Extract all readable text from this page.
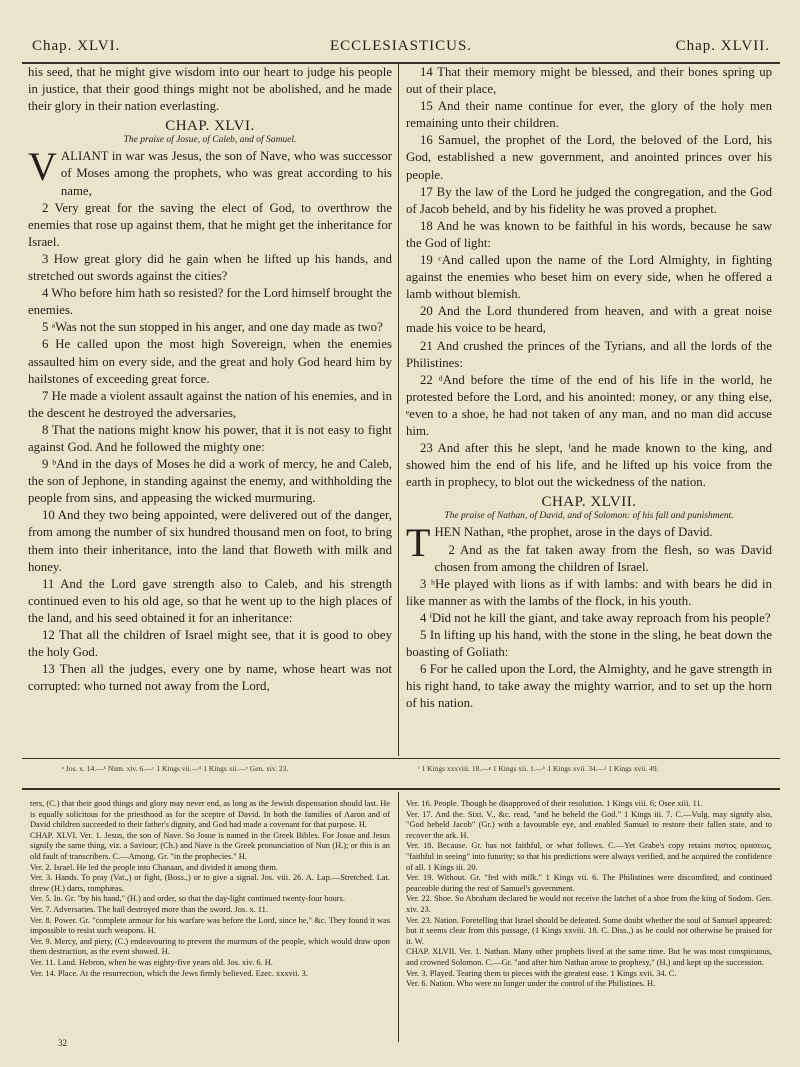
Chap. XLVI.	ECCLESIASTICUS.	Chap. XLVII.

his seed, that he might give wisdom into our heart to judge his people in justice, that their good things might not be abolished, and he made their glory in their nation everlasting.

CHAP. XLVI.
The praise of Josue, of Caleb, and of Samuel.

VALIANT in war was Jesus, the son of Nave, who was successor of Moses among the prophets, who was great according to his name,

2 Very great for the saving the elect of God, to overthrow the enemies that rose up against them, that he might get the inheritance for Israel.

3 How great glory did he gain when he lifted up his hands, and stretched out swords against the cities?

4 Who before him hath so resisted? for the Lord himself brought the enemies.

5 ᵃWas not the sun stopped in his anger, and one day made as two?

6 He called upon the most high Sovereign, when the enemies assaulted him on every side, and the great and holy God heard him by hailstones of exceeding great force.

7 He made a violent assault against the nation of his enemies, and in the descent he destroyed the adversaries,

8 That the nations might know his power, that it is not easy to fight against God. And he followed the mighty one:

9 ᵇAnd in the days of Moses he did a work of mercy, he and Caleb, the son of Jephone, in standing against the enemy, and withholding the people from sins, and appeasing the wicked murmuring.

10 And they two being appointed, were delivered out of the danger, from among the number of six hundred thousand men on foot, to bring them into their inheritance, into the land that floweth with milk and honey.

11 And the Lord gave strength also to Caleb, and his strength continued even to his old age, so that he went up to the high places of the land, and his seed obtained it for an inheritance:

12 That all the children of Israel might see, that it is good to obey the holy God.

13 Then all the judges, every one by name, whose heart was not corrupted: who turned not away from the Lord,

14 That their memory might be blessed, and their bones spring up out of their place,

15 And their name continue for ever, the glory of the holy men remaining unto their children.

16 Samuel, the prophet of the Lord, the beloved of the Lord, his God, established a new government, and anointed princes over his people.

17 By the law of the Lord he judged the congregation, and the God of Jacob beheld, and by his fidelity he was proved a prophet.

18 And he was known to be faithful in his words, because he saw the God of light:

19 ᶜAnd called upon the name of the Lord Almighty, in fighting against the enemies who beset him on every side, when he offered a lamb without blemish.

20 And the Lord thundered from heaven, and with a great noise made his voice to be heard,

21 And crushed the princes of the Tyrians, and all the lords of the Philistines:

22 ᵈAnd before the time of the end of his life in the world, he protested before the Lord, and his anointed: money, or any thing else, ᵉeven to a shoe, he had not taken of any man, and no man did accuse him.

23 And after this he slept, ᶠand he made known to the king, and showed him the end of his life, and he lifted up his voice from the earth in prophecy, to blot out the wickedness of the nation.

CHAP. XLVII.
The praise of Nathan, of David, and of Solomon: of his fall and punishment.

THEN Nathan, ᵍthe prophet, arose in the days of David.

2 And as the fat taken away from the flesh, so was David chosen from among the children of Israel.

3 ʰHe played with lions as if with lambs: and with bears he did in like manner as with the lambs of the flock, in his youth.

4 ⁱDid not he kill the giant, and take away reproach from his people?

5 In lifting up his hand, with the stone in the sling, he beat down the boasting of Goliath:

6 For he called upon the Lord, the Almighty, and he gave strength in his right hand, to take away the mighty warrior, and to set up the horn of his nation.

ᵃ Jos. x. 14.—ᵇ Num. xiv. 6.—ᶜ 1 Kings vii.—ᵈ 1 Kings xii.—ᵉ Gen. xiv. 23.	ᶠ 1 Kings xxxviii. 18.—ᵍ 1 Kings xii. 1.—ʰ 1 Kings xvii. 34.—ⁱ 1 Kings xvii. 49.

ters, (C.) that their good things and glory may never end, as long as the Jewish dispensation should last. He is equally solicitous for the priesthood as for the sceptre of David. In both the families of Aaron and of David children succeeded to their father's dignity, and God had made a covenant for that purpose. H.

CHAP. XLVI. Ver. 1. Jesus, the son of Nave. So Josue is named in the Greek Bibles. For Josue and Jesus signify the same thing, viz. a Saviour; (Ch.) and Nave is the Greek pronunciation of Nun (H.); or this is an old fault of transcribers. C.—Among. Gr. "in the prophecies." H.

Ver. 2. Israel. He led the people into Chanaan, and divided it among them.

Ver. 3. Hands. To pray (Vat.,) or fight, (Boss.,) or to give a signal. Jos. viii. 26. A. Lap.—Stretched. Lat. threw (H.) darts, romphæas.

Ver. 5. In. Gr. "by his hand," (H.) and order, so that the day-light continued twenty-four hours.

Ver. 7. Adversaries. The hail destroyed more than the sword. Jos. x. 11.

Ver. 8. Power. Gr. "complete armour for his warfare was before the Lord, since he," &c. They found it was impossible to resist such weapons. H.

Ver. 9. Mercy, and piety, (C.) endeavouring to prevent the murmurs of the people, which would draw upon them destruction, as the event showed. H.

Ver. 11. Land. Hebron, when he was eighty-five years old. Jos. xiv. 6. H.

Ver. 14. Place. At the resurrection, which the Jews firmly believed. Ezec. xxxvii. 3.

Ver. 16. People. Though he disapproved of their resolution. 1 Kings viii. 6; Osee xiii. 11.

Ver. 17. And the. Sixt. V., &c. read, "and he beheld the God." 1 Kings iii. 7. C.—Vulg. may signify also, "God beheld Jacob" (Gr.) with a favourable eye, and enabled Samuel to restore their fallen state, and to recover the ark. H.

Ver. 18. Because. Gr. has not faithful, or what follows. C.—Yet Grabe's copy retains πιστος ορασεως, "faithful in seeing" into futurity; so that his predictions were always verified, and he acquired the confidence of all. 1 Kings iii. 20.

Ver. 19. Without. Gr. "fed with milk." 1 Kings vii. 6. The Philistines were discomfited, and continued peaceable during the rest of Samuel's government.

Ver. 22. Shoe. So Abraham declared he would not receive the latchet of a shoe from the king of Sodom. Gen. xiv. 23.

Ver. 23. Nation. Foretelling that Israel should be defeated. Some doubt whether the soul of Samuel appeared: but it seems clear from this passage, (1 Kings xxviii. 18. C. Diss.,) as he could not otherwise be praised for it. W.

CHAP. XLVII. Ver. 1. Nathan. Many other prophets lived at the same time. But he was most conspicuous, and crowned Solomon. C.—Gr. "and after him Nathan arose to prophesy," (H.) and kept up the succession.

Ver. 3. Played. Tearing them to pieces with the greatest ease. 1 Kings xvii. 34. C.

Ver. 6. Nation. Who were no longer under the control of the Philistines. H.

32
